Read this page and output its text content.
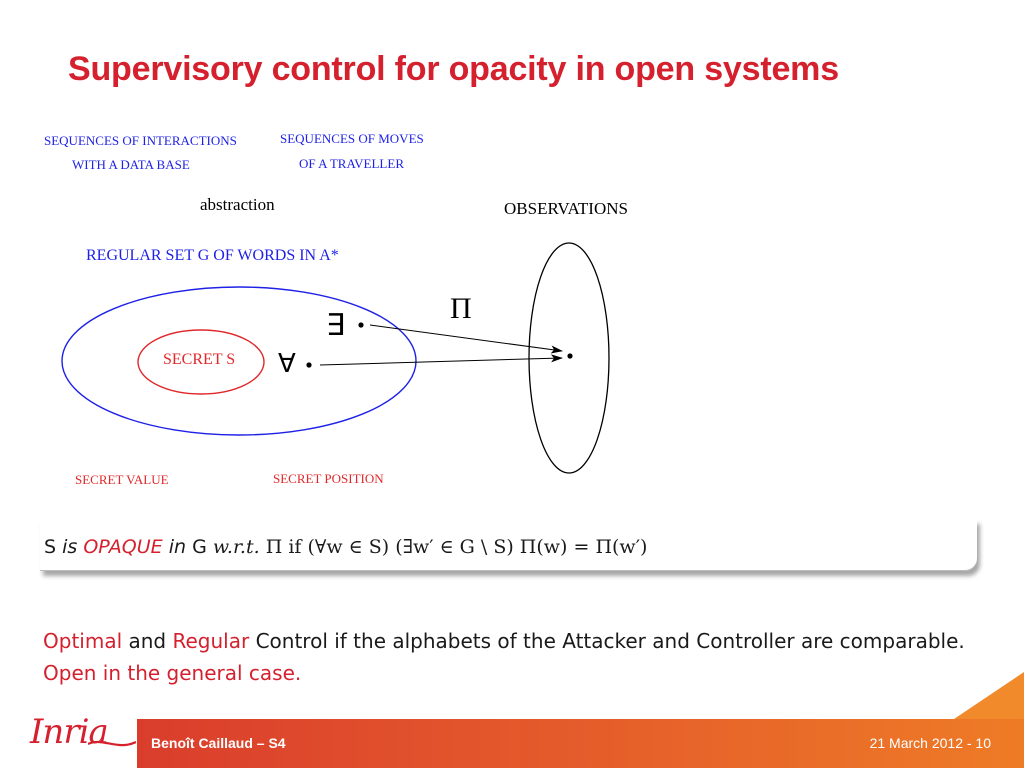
Supervisory control for opacity in open systems
SEQUENCES OF INTERACTIONS
WITH A DATA BASE
SEQUENCES OF MOVES
OF A TRAVELLER
abstraction	OBSERVATIONS
REGULAR SET G OF WORDS IN A*
SECRET S
∃
∀
Π
SECRET VALUE	SECRET POSITION
S is OPAQUE in G w.r.t. Π if (∀w ∈ S) (∃w′ ∈ G \ S) Π(w) = Π(w′)
Optimal and Regular Control if the alphabets of the Attacker and Controller are comparable. Open in the general case.
Inria	Benoît Caillaud – S4	21 March 2012 - 10
